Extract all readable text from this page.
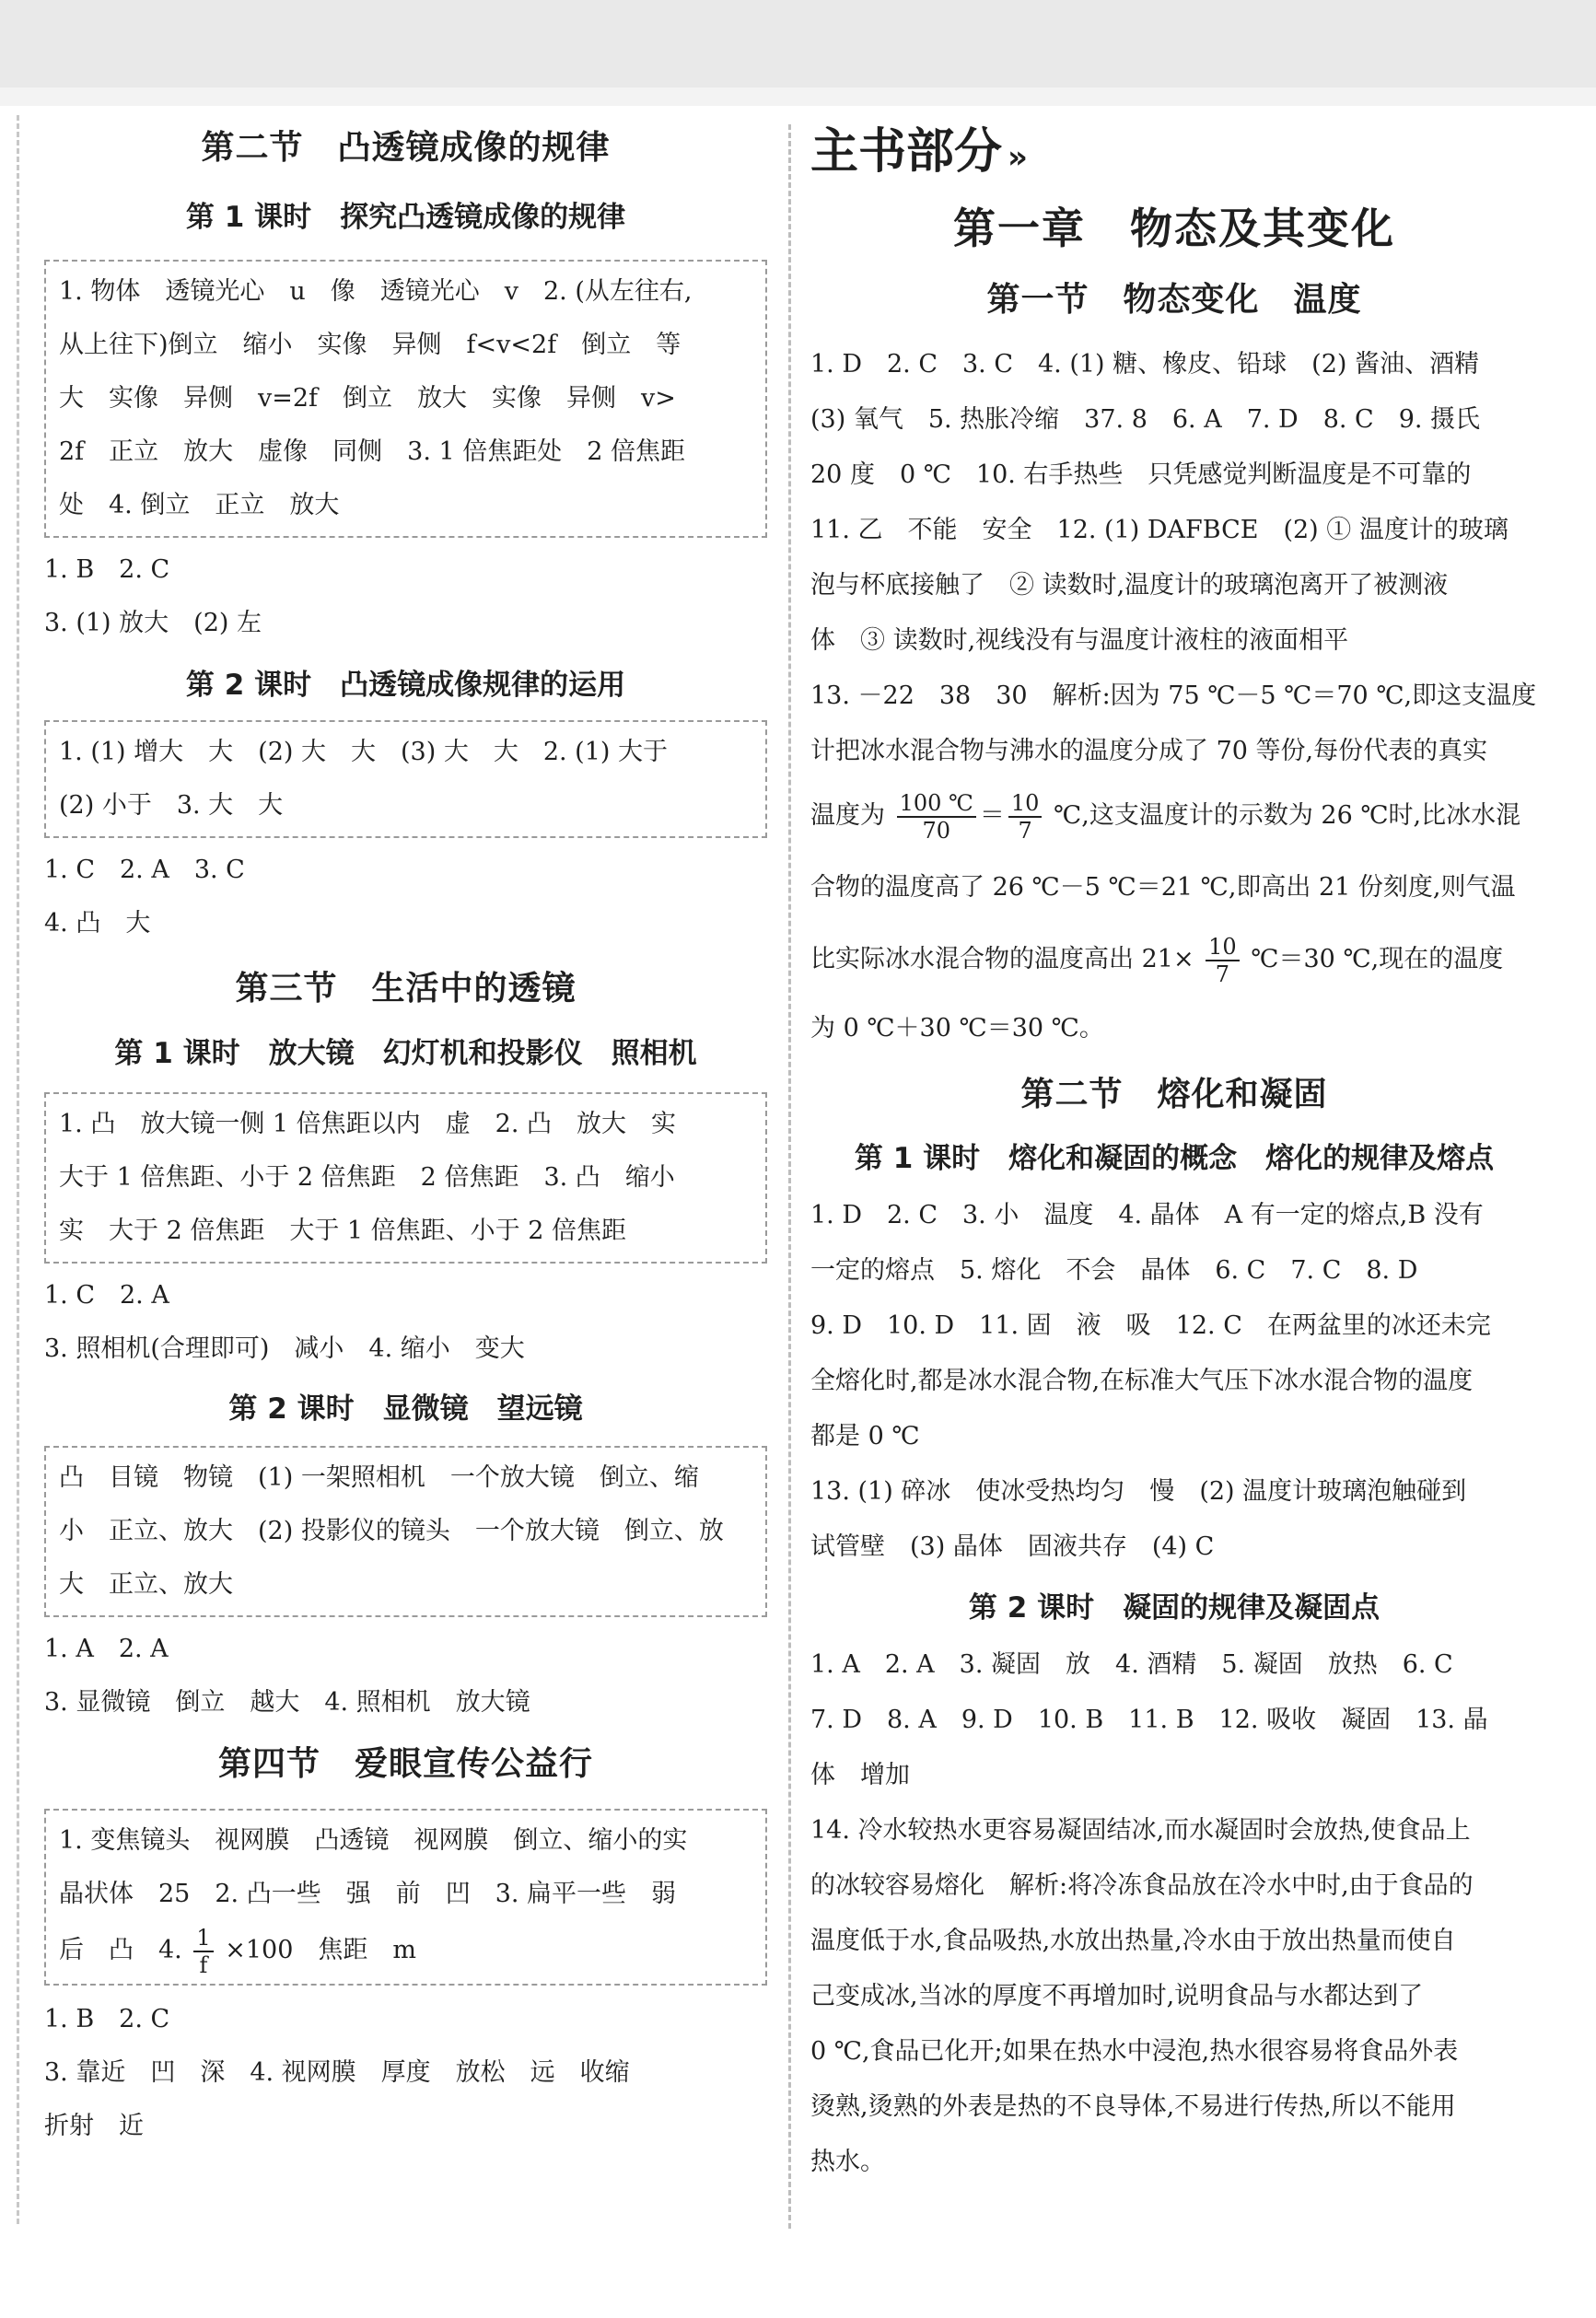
第二节　凸透镜成像的规律
第 1 课时　探究凸透镜成像的规律
1. 物体　透镜光心　u　像　透镜光心　v　2. (从左往右,
从上往下)倒立　缩小　实像　异侧　f<v<2f　倒立　等
大　实像　异侧　v=2f　倒立　放大　实像　异侧　v>
2f　正立　放大　虚像　同侧　3. 1 倍焦距处　2 倍焦距
处　4. 倒立　正立　放大

1. B　2. C

3. (1) 放大　(2) 左

第 2 课时　凸透镜成像规律的运用
1. (1) 增大　大　(2) 大　大　(3) 大　大　2. (1) 大于
(2) 小于　3. 大　大

1. C　2. A　3. C

4. 凸　大

第三节　生活中的透镜
第 1 课时　放大镜　幻灯机和投影仪　照相机
1. 凸　放大镜一侧 1 倍焦距以内　虚　2. 凸　放大　实
大于 1 倍焦距、小于 2 倍焦距　2 倍焦距　3. 凸　缩小
实　大于 2 倍焦距　大于 1 倍焦距、小于 2 倍焦距

1. C　2. A

3. 照相机(合理即可)　减小　4. 缩小　变大

第 2 课时　显微镜　望远镜
凸　目镜　物镜　(1) 一架照相机　一个放大镜　倒立、缩
小　正立、放大　(2) 投影仪的镜头　一个放大镜　倒立、放
大　正立、放大

1. A　2. A

3. 显微镜　倒立　越大　4. 照相机　放大镜

第四节　爱眼宣传公益行
1. 变焦镜头　视网膜　凸透镜　视网膜　倒立、缩小的实
晶状体　25　2. 凸一些　强　前　凹　3. 扁平一些　弱
后　凸　4. $\frac{1}{f} \times 100$　焦距　m

1. B　2. C

3. 靠近　凹　深　4. 视网膜　厚度　放松　远　收缩

折射　近

主书部分 »
第一章　物态及其变化
第一节　物态变化　温度

1. D　2. C　3. C　4. (1) 糖、橡皮、铅球　(2) 酱油、酒精

(3) 氧气　5. 热胀冷缩　37. 8　6. A　7. D　8. C　9. 摄氏

20 度　0 ℃　10. 右手热些　只凭感觉判断温度是不可靠的

11. 乙　不能　安全　12. (1) DAFBCE　(2) ① 温度计的玻璃

泡与杯底接触了　② 读数时,温度计的玻璃泡离开了被测液

体　③ 读数时,视线没有与温度计液柱的液面相平

13. －22　38　30　解析:因为 75 ℃－5 ℃＝70 ℃,即这支温度

计把冰水混合物与沸水的温度分成了 70 等份,每份代表的真实

温度为 $\frac{100 ℃}{70} = \frac{10}{7}$ ℃,这支温度计的示数为 26 ℃时,比冰水混

合物的温度高了 26 ℃－5 ℃＝21 ℃,即高出 21 份刻度,则气温

比实际冰水混合物的温度高出 $21\times \frac{10}{7}$ ℃＝30 ℃,现在的温度

为 0 ℃＋30 ℃＝30 ℃。

第二节　熔化和凝固
第 1 课时　熔化和凝固的概念　熔化的规律及熔点

1. D　2. C　3. 小　温度　4. 晶体　A 有一定的熔点,B 没有

一定的熔点　5. 熔化　不会　晶体　6. C　7. C　8. D

9. D　10. D　11. 固　液　吸　12. C　在两盆里的冰还未完

全熔化时,都是冰水混合物,在标准大气压下冰水混合物的温度

都是 0 ℃

13. (1) 碎冰　使冰受热均匀　慢　(2) 温度计玻璃泡触碰到

试管壁　(3) 晶体　固液共存　(4) C

第 2 课时　凝固的规律及凝固点

1. A　2. A　3. 凝固　放　4. 酒精　5. 凝固　放热　6. C

7. D　8. A　9. D　10. B　11. B　12. 吸收　凝固　13. 晶

体　增加

14. 冷水较热水更容易凝固结冰,而水凝固时会放热,使食品上

的冰较容易熔化　解析:将冷冻食品放在冷水中时,由于食品的

温度低于水,食品吸热,水放出热量,冷水由于放出热量而使自

己变成冰,当冰的厚度不再增加时,说明食品与水都达到了

0 ℃,食品已化开;如果在热水中浸泡,热水很容易将食品外表

烫熟,烫熟的外表是热的不良导体,不易进行传热,所以不能用

热水。
